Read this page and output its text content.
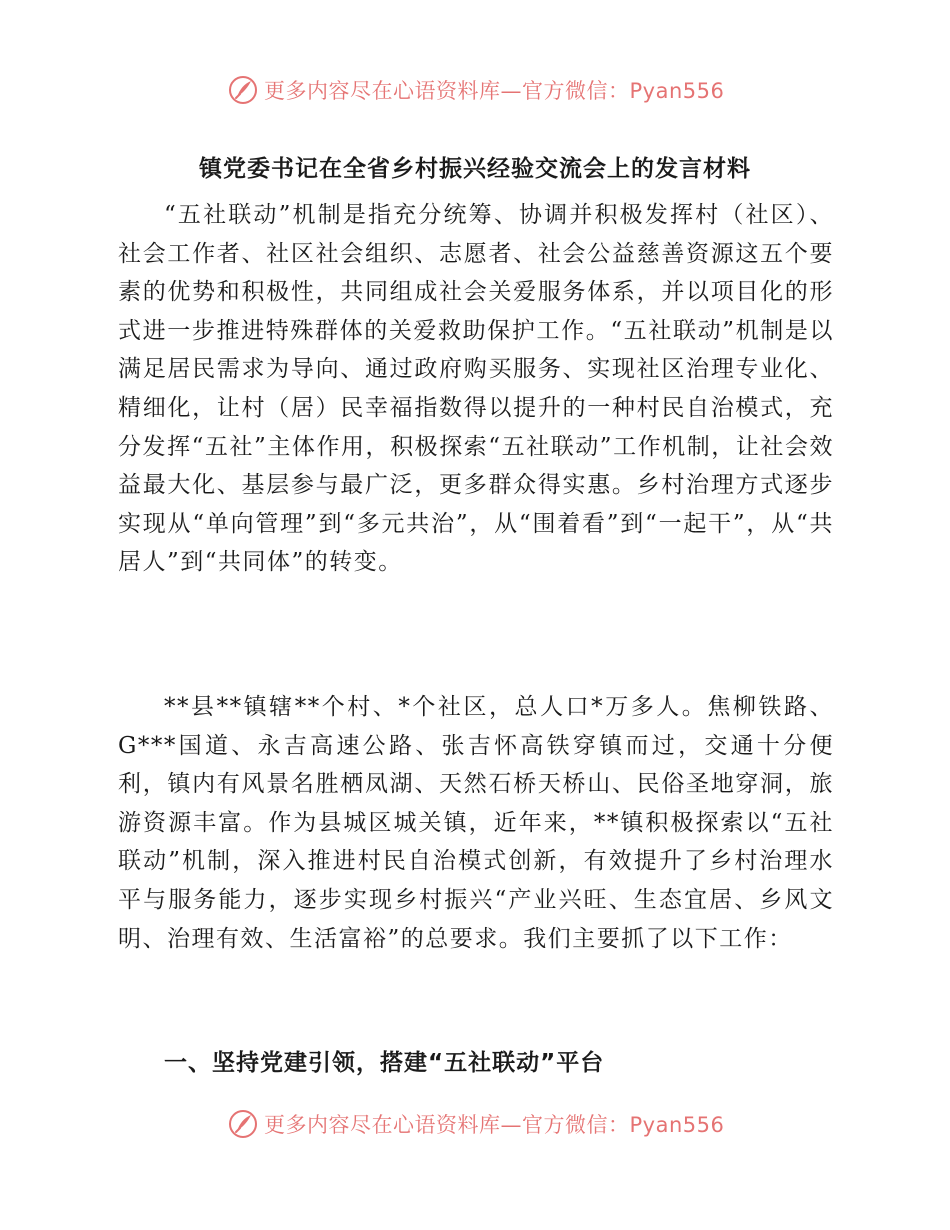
更多内容尽在心语资料库—官方微信：Pyan556
镇党委书记在全省乡村振兴经验交流会上的发言材料

“五社联动”机制是指充分统筹、协调并积极发挥村（社区）、社会工作者、社区社会组织、志愿者、社会公益慈善资源这五个要素的优势和积极性，共同组成社会关爱服务体系，并以项目化的形式进一步推进特殊群体的关爱救助保护工作。“五社联动”机制是以满足居民需求为导向、通过政府购买服务、实现社区治理专业化、精细化，让村（居）民幸福指数得以提升的一种村民自治模式，充分发挥“五社”主体作用，积极探索“五社联动”工作机制，让社会效益最大化、基层参与最广泛，更多群众得实惠。乡村治理方式逐步实现从“单向管理”到“多元共治”，从“围着看”到“一起干”，从“共居人”到“共同体”的转变。

**县**镇辖**个村、*个社区，总人口*万多人。焦柳铁路、G***国道、永吉高速公路、张吉怀高铁穿镇而过，交通十分便利，镇内有风景名胜栖凤湖、天然石桥天桥山、民俗圣地穿洞，旅游资源丰富。作为县城区城关镇，近年来，**镇积极探索以“五社联动”机制，深入推进村民自治模式创新，有效提升了乡村治理水平与服务能力，逐步实现乡村振兴“产业兴旺、生态宜居、乡风文明、治理有效、生活富裕”的总要求。我们主要抓了以下工作：

一、坚持党建引领，搭建“五社联动”平台
更多内容尽在心语资料库—官方微信：Pyan556
